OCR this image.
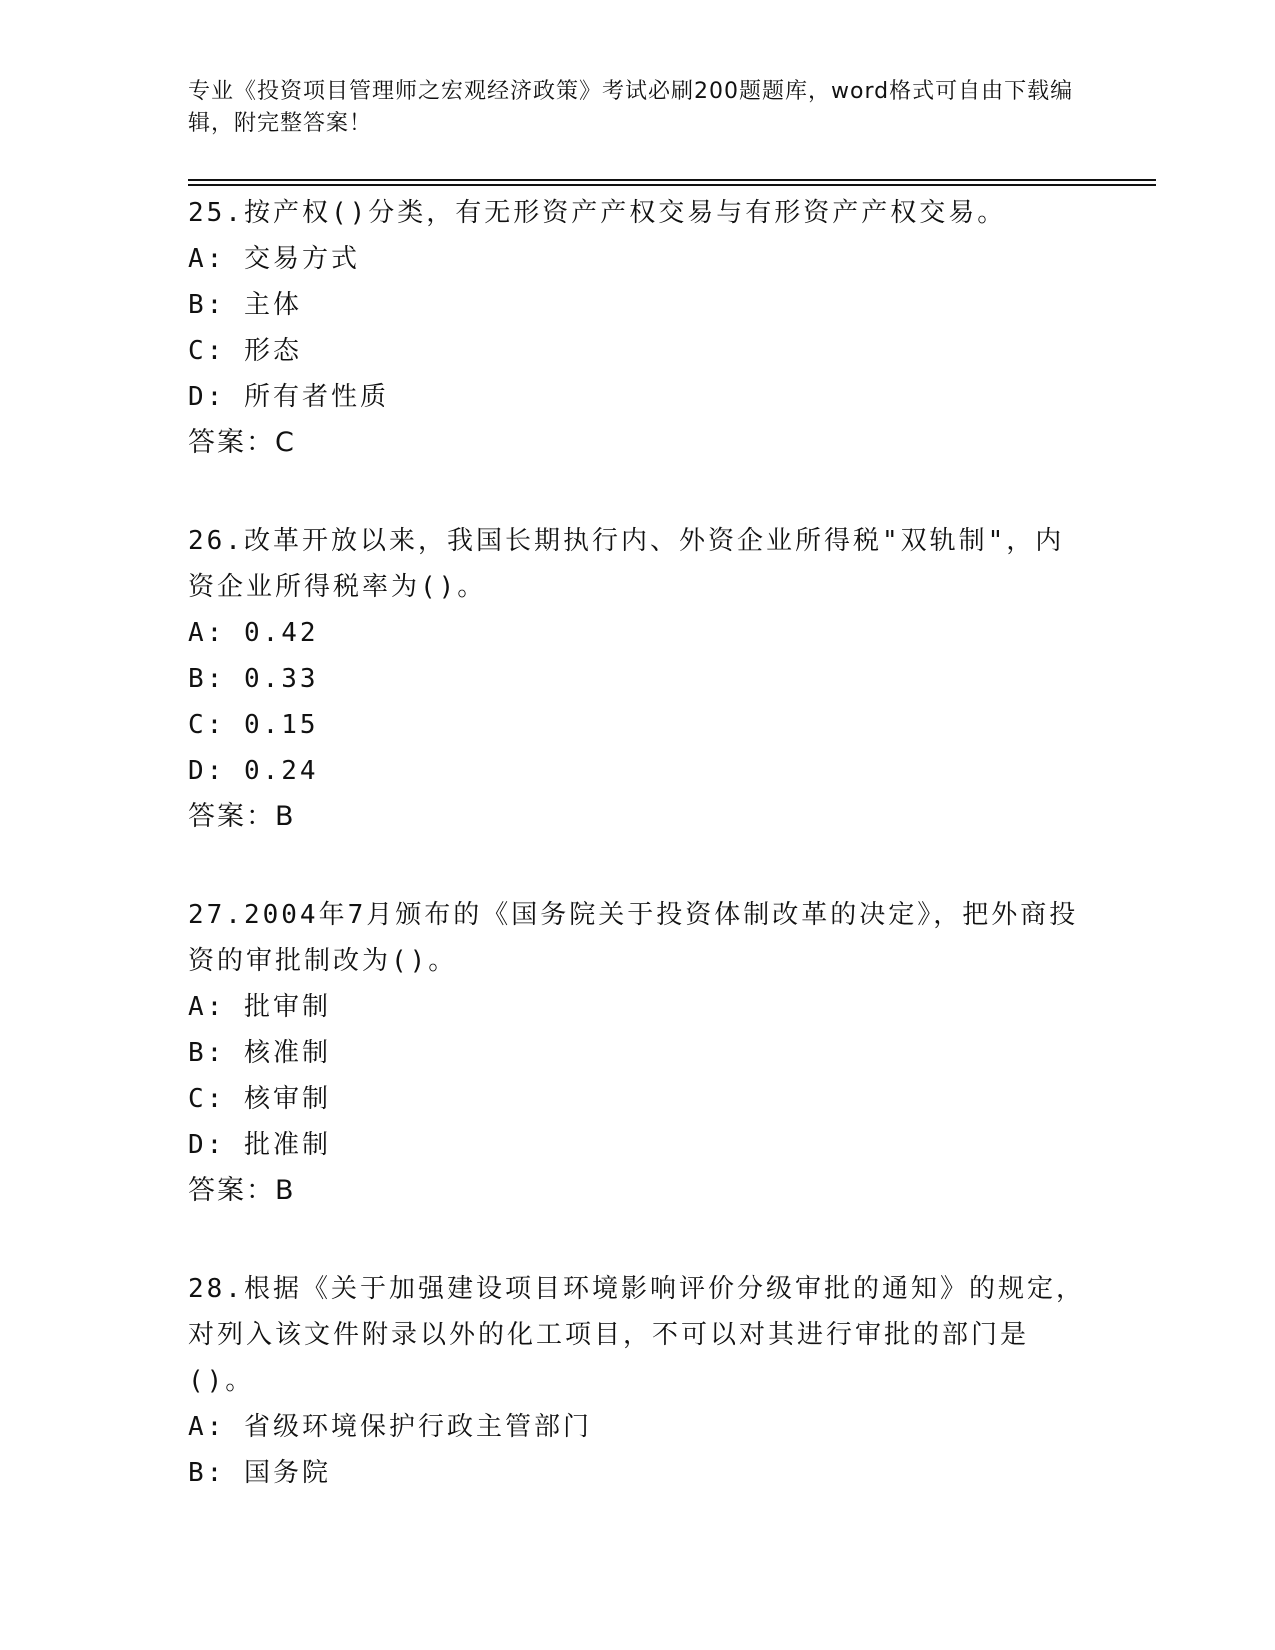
专业《投资项目管理师之宏观经济政策》考试必刷200题题库，word格式可自由下载编辑，附完整答案！

25.按产权()分类，有无形资产产权交易与有形资产产权交易。

A: 交易方式

B: 主体

C: 形态

D: 所有者性质

答案：C

26.改革开放以来，我国长期执行内、外资企业所得税"双轨制"，内资企业所得税率为()。

A: 0.42

B: 0.33

C: 0.15

D: 0.24

答案：B

27.2004年7月颁布的《国务院关于投资体制改革的决定》，把外商投资的审批制改为()。

A: 批审制

B: 核准制

C: 核审制

D: 批准制

答案：B

28.根据《关于加强建设项目环境影响评价分级审批的通知》的规定，对列入该文件附录以外的化工项目，不可以对其进行审批的部门是()。

A: 省级环境保护行政主管部门

B: 国务院
